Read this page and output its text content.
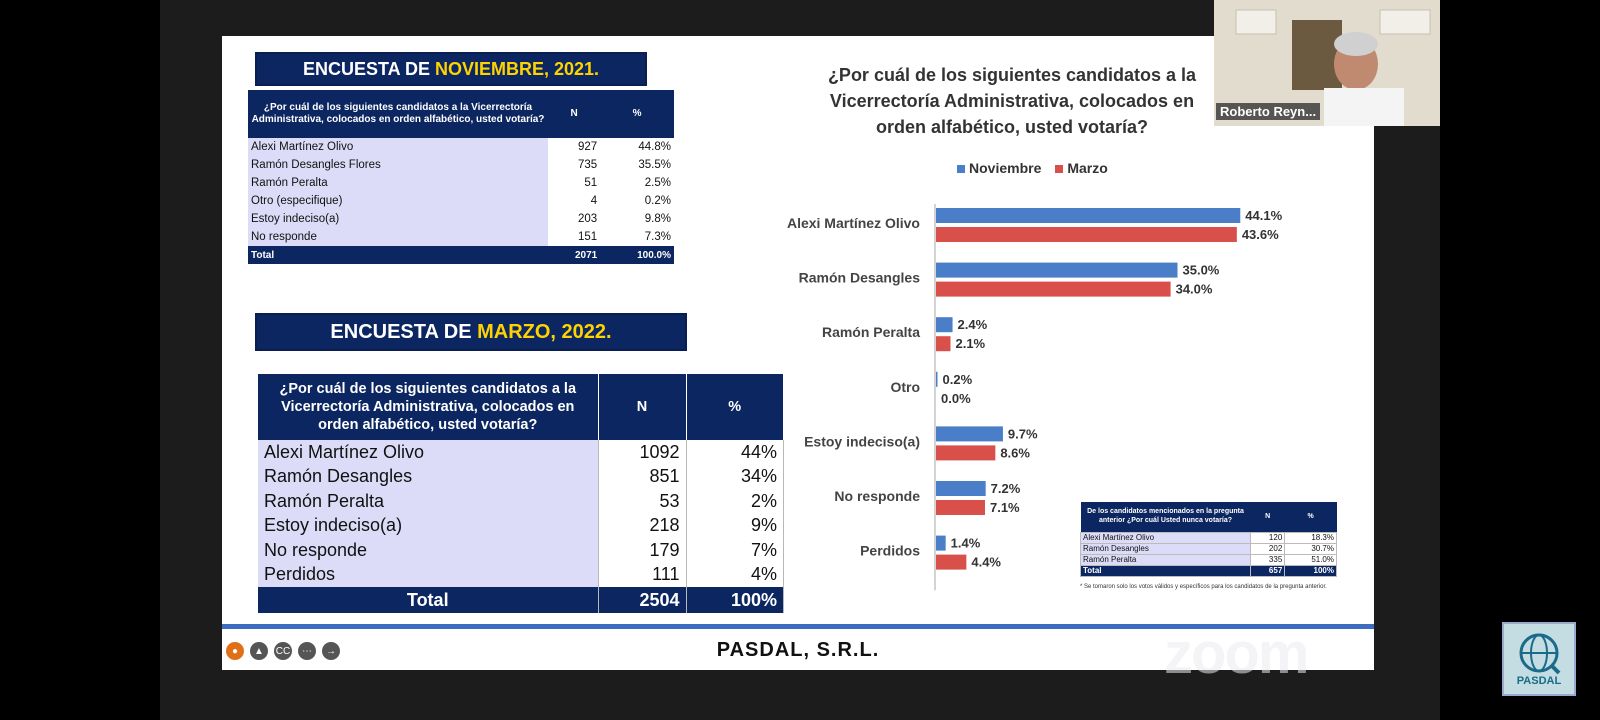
ENCUESTA DE
NOVIEMBRE, 2021.
¿Por cuál de los siguientes candidatos a la Vicerrectoría Administrativa, colocados en orden alfabético, usted votaría?	N	%
Alexi Martínez Olivo	927	44.8%
Ramón Desangles Flores	735	35.5%
Ramón Peralta	51	2.5%
Otro (especifique)	4	0.2%
Estoy indeciso(a)	203	9.8%
No responde	151	7.3%
Total	2071	100.0%
ENCUESTA DE
MARZO, 2022.
¿Por cuál de los siguientes candidatos a la Vicerrectoría Administrativa, colocados en orden alfabético, usted votaría?	N	%
Alexi Martínez Olivo	1092	44%
Ramón Desangles	851	34%
Ramón Peralta	53	2%
Estoy indeciso(a)	218	9%
No responde	179	7%
Perdidos	111	4%
Total	2504	100%
¿Por cuál de los siguientes candidatos a la Vicerrectoría Administrativa, colocados en orden alfabético, usted votaría?
Noviembre	Marzo
Alexi Martínez Olivo	44.1%
43.6%
Ramón Desangles	35.0%
34.0%
Ramón Peralta	2.4%
2.1%
Otro 0.2%
0.0%
Estoy indeciso(a)	9.7%
8.6%
No responde	7.2%
7.1%
Perdidos 1.4%
4.4%
De los candidatos mencionados en la pregunta anterior ¿Por cuál Usted nunca votaría?	N	%
Alexi Martínez Olivo	120	18.3%
Ramón Desangles	202	30.7%
Ramón Peralta	335	51.0%
Total	657	100%
* Se tomaron solo los votos válidos y específicos para los candidatos de la pregunta anterior.
●	▲	CC	⋯	→	PASDAL, S.R.L.
Roberto Reyn...
zoom	PASDAL
